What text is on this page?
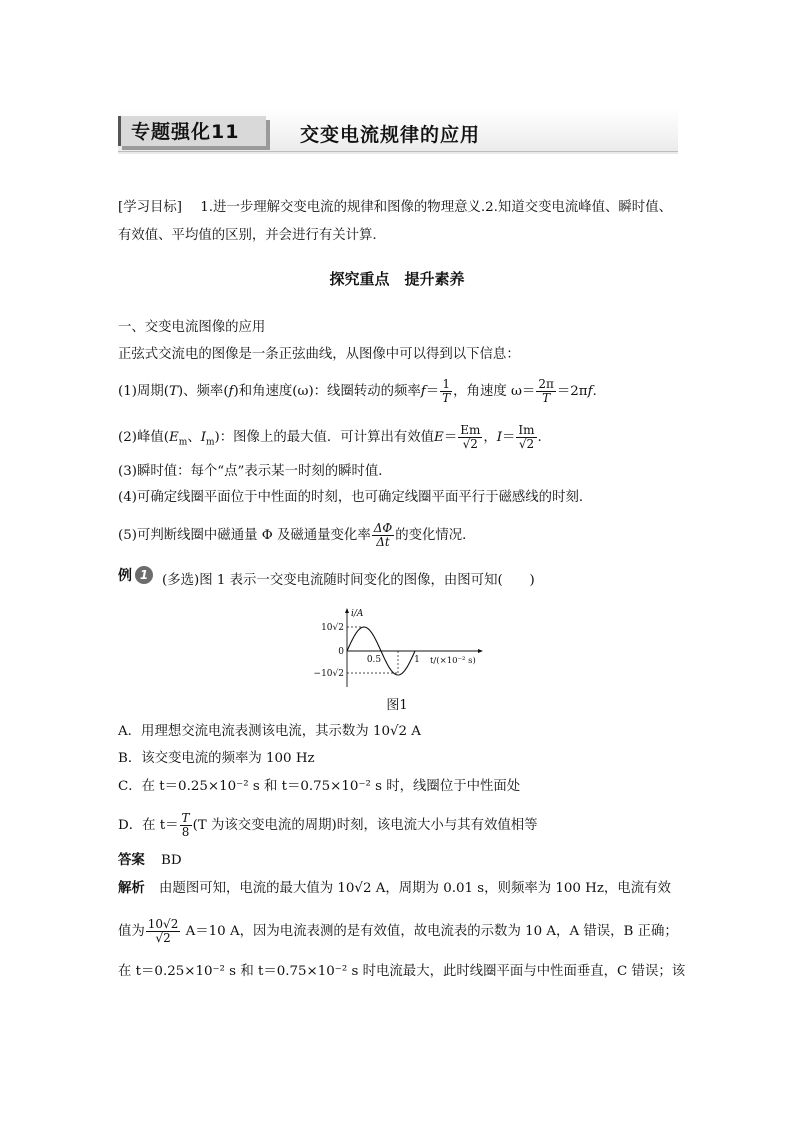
专题强化11	交变电流规律的应用
[学习目标] 1.进一步理解交变电流的规律和图像的物理意义.2.知道交变电流峰值、瞬时值、
有效值、平均值的区别，并会进行有关计算.
探究重点　提升素养
一、交变电流图像的应用
正弦式交流电的图像是一条正弦曲线，从图像中可以得到以下信息：
(1)周期(T)、频率(f)和角速度(ω)：线圈转动的频率$f= \frac{1}{T}$ ，角速度 $\omega= \frac{2\pi}{T} =2\pi f$.
(2)峰值($E_m$、$I_m$)：图像上的最大值．可计算出有效值$E= \frac{Em}{√2}$ ，$I= \frac{Im}{√2}$ .
(3)瞬时值：每个“点”表示某一时刻的瞬时值．
(4)可确定线圈平面位于中性面的时刻，也可确定线圈平面平行于磁感线的时刻．
(5)可判断线圈中磁通量 Φ 及磁通量变化率 $\frac{\Delta\Phi}{\Delta t}$ 的变化情况．
例 1	(多选)图 1 表示一交变电流随时间变化的图像，由图可知(　　)
i/A
10√2
0
−10√2
0.5	1 t/(×10⁻² s)
图1
A．用理想交流电流表测该电流，其示数为 10√2 A
B．该交变电流的频率为 100 Hz
C．在 t＝0.25×10⁻² s 和 t＝0.75×10⁻² s 时，线圈位于中性面处
D．在 $t= \frac{T}{8} (T$ 为该交变电流的周期)时刻，该电流大小与其有效值相等
答案 BD
解析 由题图可知，电流的最大值为 10√2 A，周期为 0.01 s，则频率为 100 Hz，电流有效
值为 $\frac{10√2}{√2} A=10$ A，因为电流表测的是有效值，故电流表的示数为 10 A，A 错误，B 正确；
在 t＝0.25×10⁻² s 和 t＝0.75×10⁻² s 时电流最大，此时线圈平面与中性面垂直，C 错误；该
